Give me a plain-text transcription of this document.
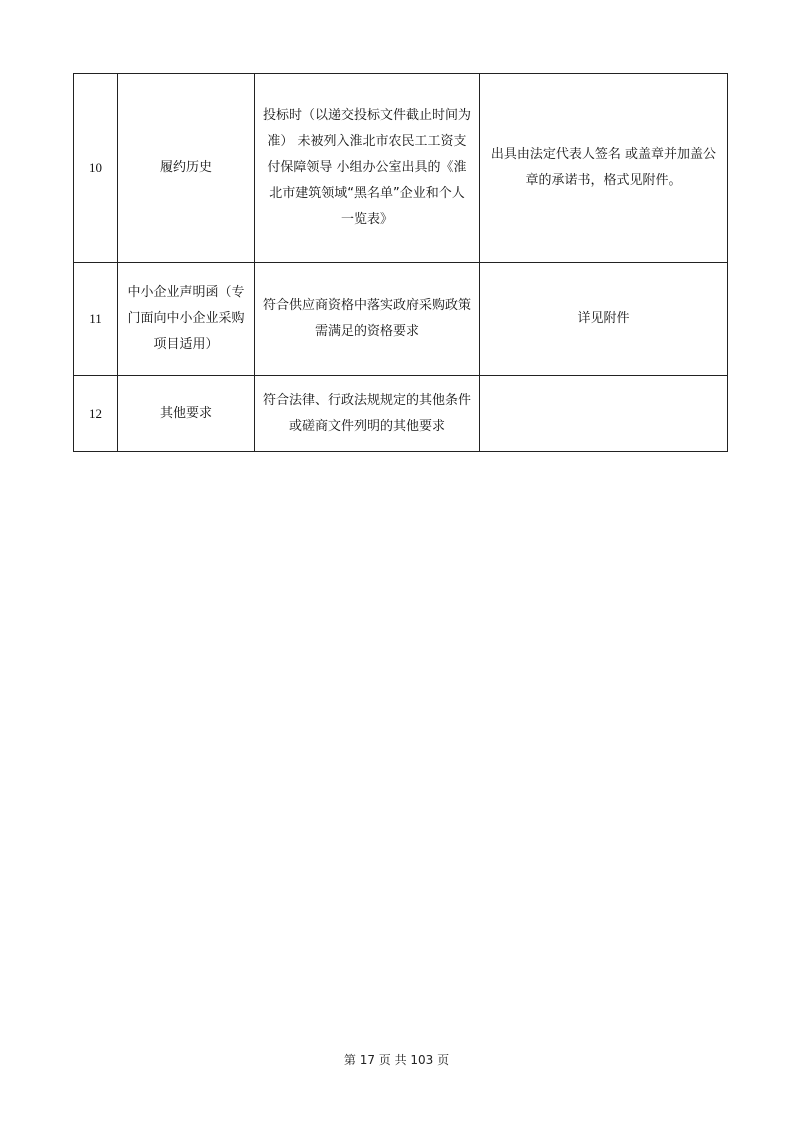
10	履约历史	投标时（以递交投标文件截止时间为准） 未被列入淮北市农民工工资支付保障领导 小组办公室出具的《淮北市建筑领域“黑名单”企业和个人一览表》	出具由法定代表人签名 或盖章并加盖公章的承诺书，格式见附件。
11	中小企业声明函（专门面向中小企业采购项目适用）	符合供应商资格中落实政府采购政策需满足的资格要求	详见附件
12	其他要求	符合法律、行政法规规定的其他条件或磋商文件列明的其他要求	
第 17 页 共 103 页
